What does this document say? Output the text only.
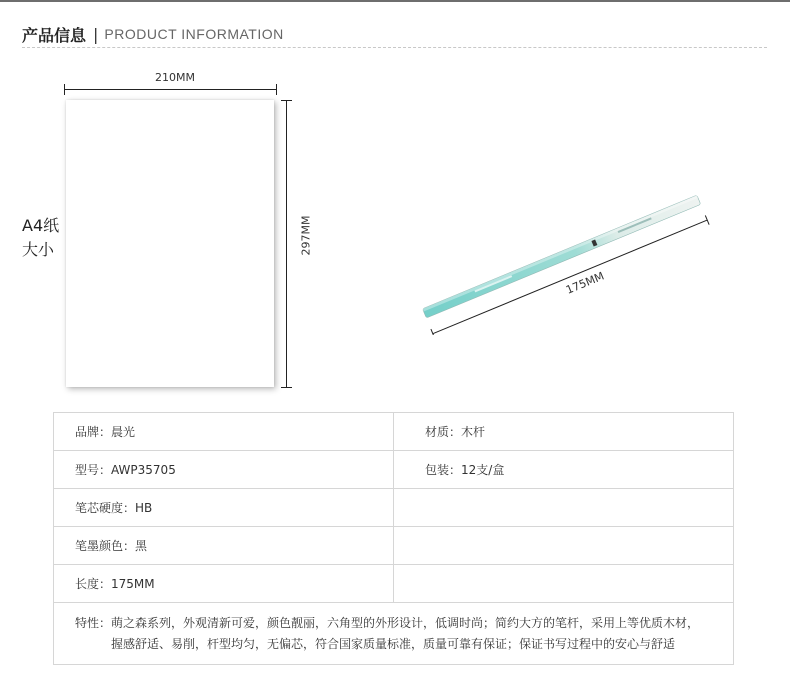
产品信息 | PRODUCT INFORMATION
210MM
297MM
A4纸
大小
175MM
品牌：晨光	材质：木杆
型号：AWP35705	包装：12支/盒
笔芯硬度：HB	
笔墨颜色：黑	
长度：175MM	

特性：萌之森系列，外观清新可爱，颜色靓丽，六角型的外形设计，低调时尚；简约大方的笔杆，采用上等优质木材，
握感舒适、易削，杆型均匀，无偏芯，符合国家质量标准，质量可靠有保证；保证书写过程中的安心与舒适	
